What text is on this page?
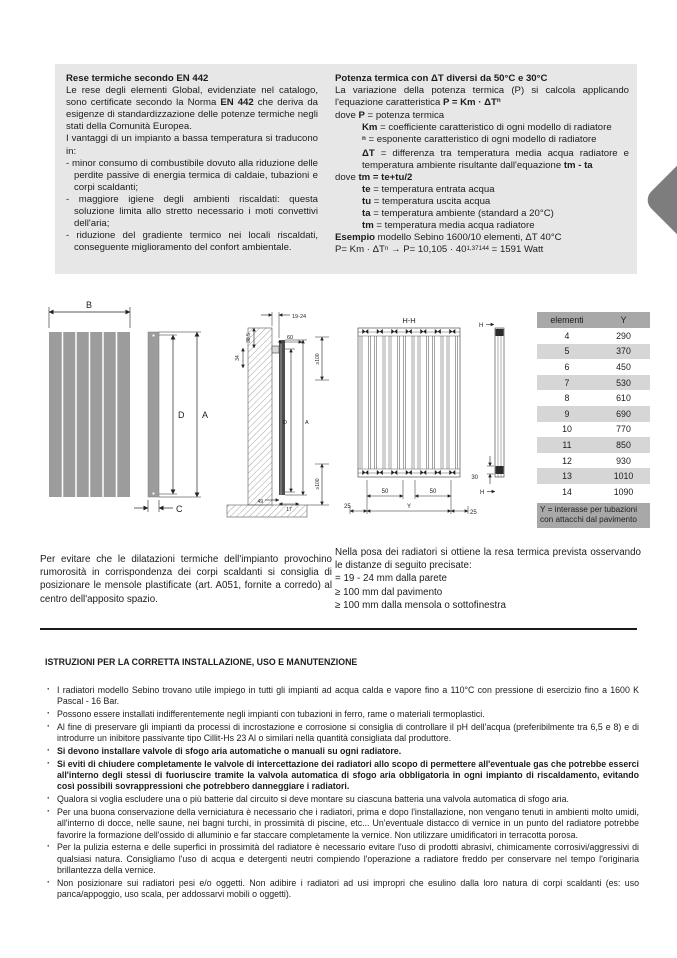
Rese termiche secondo EN 442

Le rese degli elementi Global, evidenziate nel catalogo, sono certificate secondo la Norma EN 442 che deriva da esigenze di standardizzazione delle potenze termiche negli stati della Comunità Europea.

I vantaggi di un impianto a bassa temperatura si traducono in:

- minor consumo di combustibile dovuto alla riduzione delle perdite passive di energia termica di caldaie, tubazioni e corpi scaldanti;
- maggiore igiene degli ambienti riscaldati: questa soluzione limita allo stretto necessario i moti convettivi dell'aria;
- riduzione del gradiente termico nei locali riscaldati, conseguente miglioramento del confort ambientale.

Potenza termica con ΔT diversi da 50°C e 30°C

La variazione della potenza termica (P) si calcola applicando l'equazione caratteristica $P = Km \cdot \Delta T^n$
dove P = potenza termica
Km = coefficiente caratteristico di ogni modello di radiatore
$^n$ = esponente caratteristico di ogni modello di radiatore
ΔT = differenza tra temperatura media acqua radiatore e temperatura ambiente risultante dall'equazione tm - ta
dove tm = te+tu/2
te = temperatura entrata acqua
tu = temperatura uscita acqua
ta = temperatura ambiente (standard a 20°C)
tm = temperatura media acqua radiatore
Esempio modello Sebino 1600/10 elementi, ΔT 40°C
$P= Km \cdot \Delta T^n \to P= 10,105 \cdot 40^{1,37144} = 1591$ Watt
B
D A
C
19-24
38,5
34
60
≥100
D	A
49
17
≥100
H-H
50	50
Y
25
25
H
H
30
elementi	Y
4	290
5	370
6	450
7	530
8	610
9	690
10	770
11	850
12	930
13	1010
14	1090
Y = interasse per tubazioni con attacchi dal pavimento

Per evitare che le dilatazioni termiche dell'impianto provochino rumorosità in corrispondenza dei corpi scaldanti si consiglia di posizionare le mensole plastificate (art. A051, fornite a corredo) al centro dell'apposito spazio.

Nella posa dei radiatori si ottiene la resa termica prevista osservando le distanze di seguito precisate:

= 19 - 24 mm dalla parete

≥ 100 mm dal pavimento

≥ 100 mm dalla mensola o sottofinestra

ISTRUZIONI PER LA CORRETTA INSTALLAZIONE, USO E MANUTENZIONE
· I radiatori modello Sebino trovano utile impiego in tutti gli impianti ad acqua calda e vapore fino a 110°C con pressione di esercizio fino a 1600 K Pascal - 16 Bar.
· Possono essere installati indifferentemente negli impianti con tubazioni in ferro, rame o materiali termoplastici.
· Al fine di preservare gli impianti da processi di incrostazione e corrosione si consiglia di controllare il pH dell'acqua (preferibilmente tra 6,5 e 8) e di introdurre un inibitore passivante tipo Cillit-Hs 23 Al o similari nella quantità consigliata dal produttore.
· Si devono installare valvole di sfogo aria automatiche o manuali su ogni radiatore.
· Si eviti di chiudere completamente le valvole di intercettazione dei radiatori allo scopo di permettere all'eventuale gas che potrebbe esserci all'interno degli stessi di fuoriuscire tramite la valvola automatica di sfogo aria obbligatoria in ogni impianto di riscaldamento, evitando così possibili sovrappressioni che potrebbero danneggiare i radiatori.
· Qualora si voglia escludere una o più batterie dal circuito si deve montare su ciascuna batteria una valvola automatica di sfogo aria.
· Per una buona conservazione della verniciatura è necessario che i radiatori, prima e dopo l'installazione, non vengano tenuti in ambienti molto umidi, all'interno di docce, nelle saune, nei bagni turchi, in prossimità di piscine, etc... Un'eventuale distacco di vernice in un punto del radiatore potrebbe favorire la formazione dell'ossido di alluminio e far staccare completamente la vernice. Non utilizzare umidificatori in terracotta porosa.
· Per la pulizia esterna e delle superfici in prossimità del radiatore è necessario evitare l'uso di prodotti abrasivi, chimicamente corrosivi/aggressivi di qualsiasi natura. Consigliamo l'uso di acqua e detergenti neutri compiendo l'operazione a radiatore freddo per conservare nel tempo l'originaria brillantezza della vernice.
· Non posizionare sui radiatori pesi e/o oggetti. Non adibire i radiatori ad usi impropri che esulino dalla loro natura di corpi scaldanti (es: uso panca/appoggio, uso scala, per addossarvi mobili o oggetti).
